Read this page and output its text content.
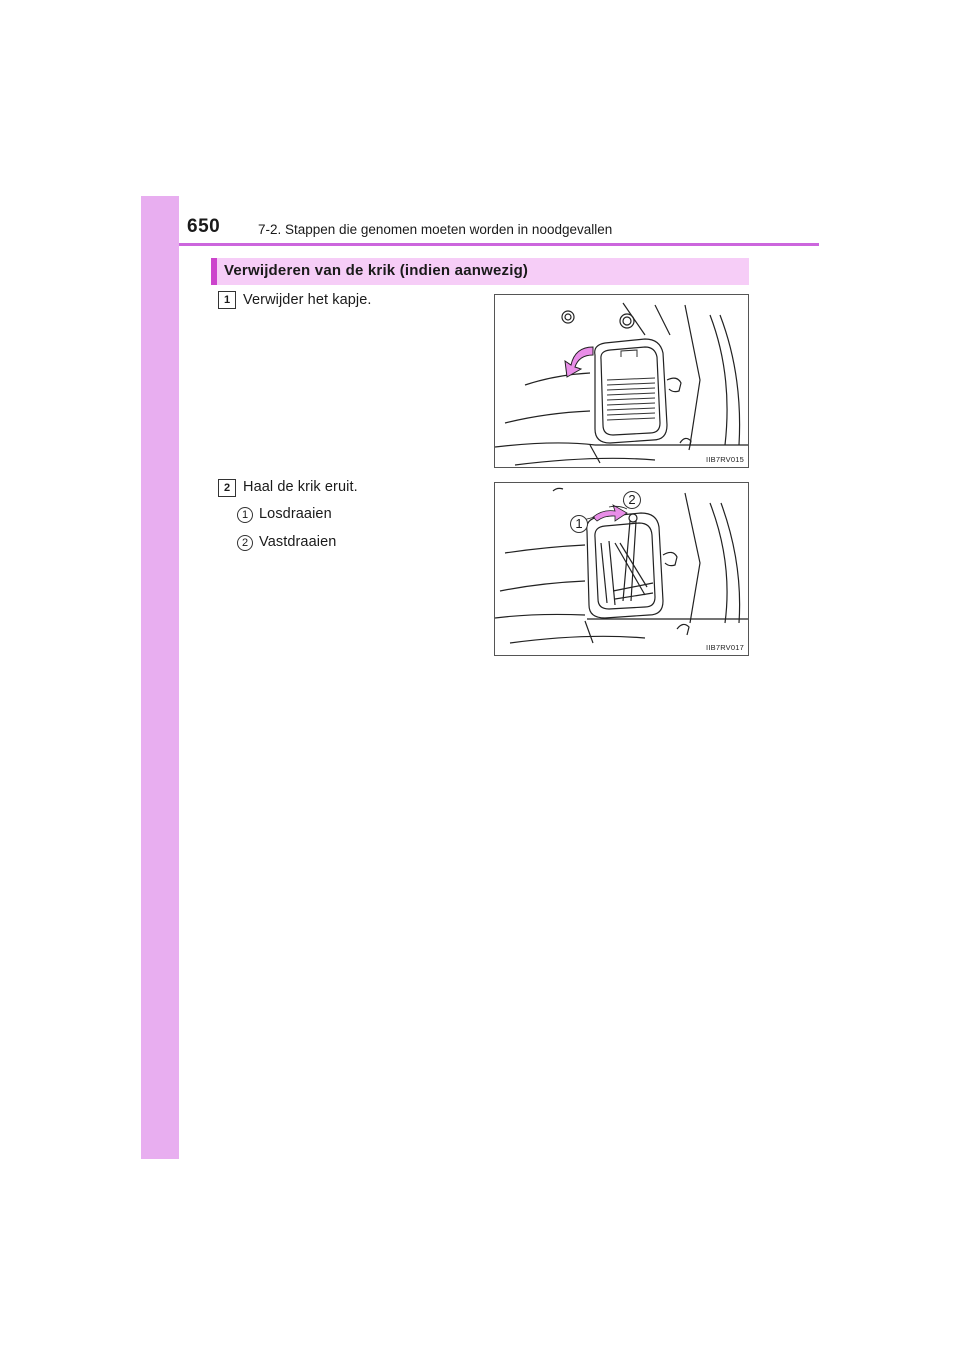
650	7-2. Stappen die genomen moeten worden in noodgevallen
Verwijderen van de krik (indien aanwezig)
1 Verwijder het kapje.
2 Haal de krik eruit.
1 Losdraaien
2 Vastdraaien
IIB7RV015
1
2
IIB7RV017
